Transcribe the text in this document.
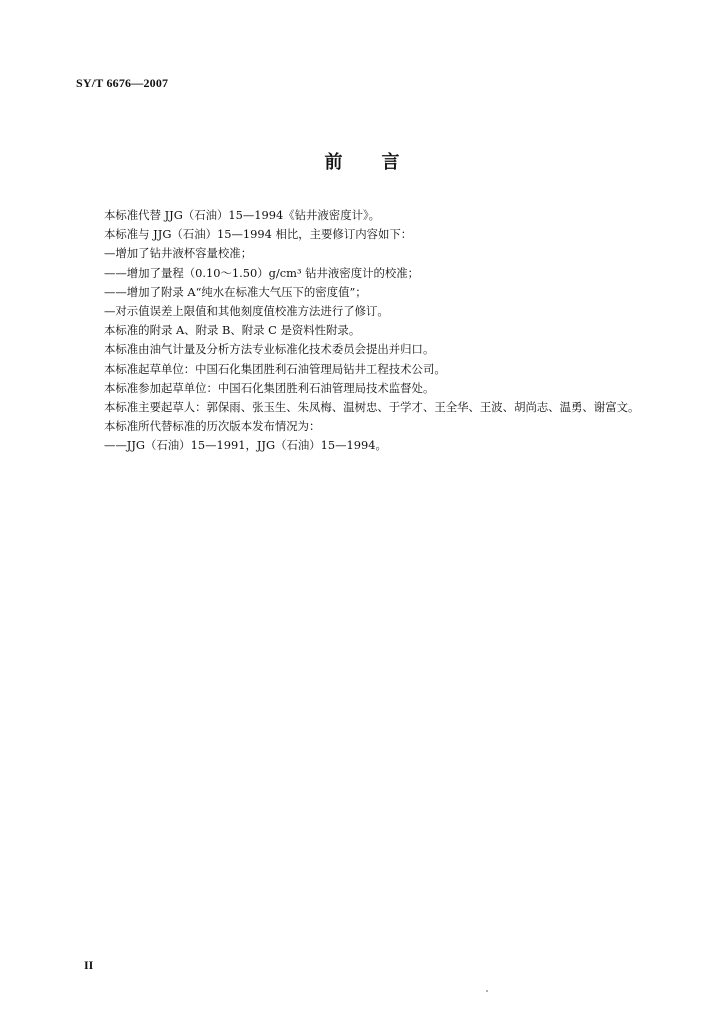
SY/T 6676—2007
前 言

本标准代替 JJG（石油）15—1994《钻井液密度计》。

本标准与 JJG（石油）15—1994 相比，主要修订内容如下：

—增加了钻井液杯容量校准；

——增加了量程（0.10～1.50）g/cm³ 钻井液密度计的校准；

——增加了附录 A“纯水在标准大气压下的密度值”；

—对示值误差上限值和其他刻度值校准方法进行了修订。

本标准的附录 A、附录 B、附录 C 是资料性附录。

本标准由油气计量及分析方法专业标准化技术委员会提出并归口。

本标准起草单位：中国石化集团胜利石油管理局钻井工程技术公司。

本标准参加起草单位：中国石化集团胜利石油管理局技术监督处。

本标准主要起草人：郭保雨、张玉生、朱凤梅、温树忠、于学才、王全华、王波、胡尚志、温勇、谢富文。

本标准所代替标准的历次版本发布情况为：

——JJG（石油）15—1991，JJG（石油）15—1994。

II
